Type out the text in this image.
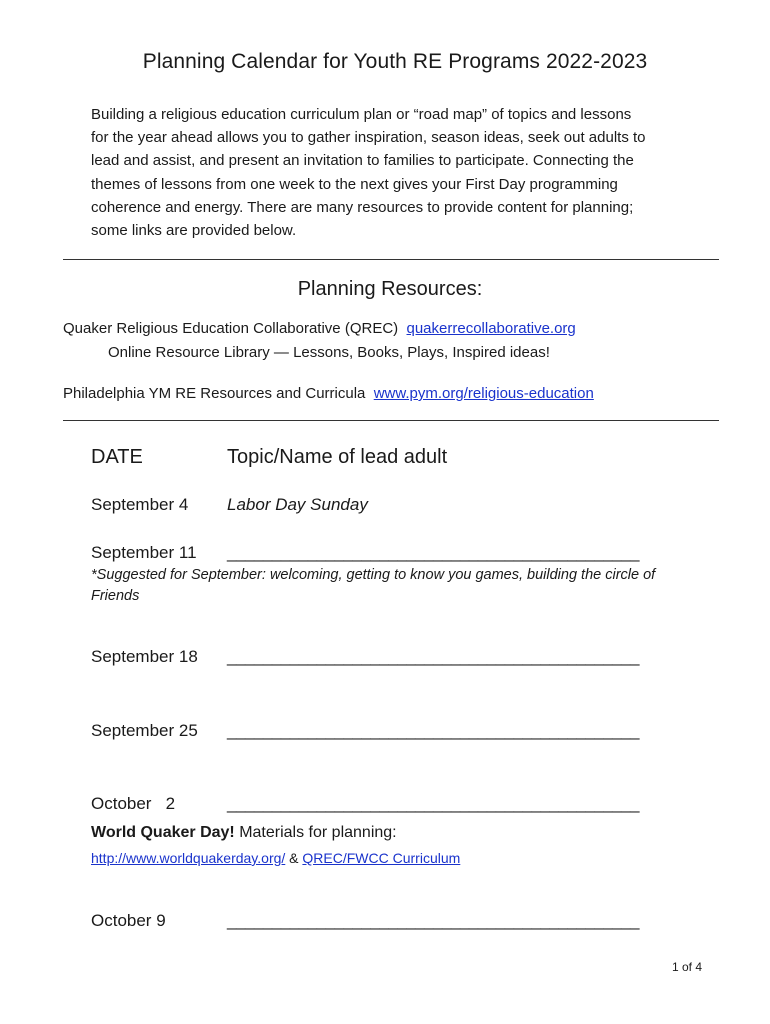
Planning Calendar for Youth RE Programs 2022-2023
Building a religious education curriculum plan or “road map” of topics and lessons
for the year ahead allows you to gather inspiration, season ideas, seek out adults to
lead and assist, and present an invitation to families to participate. Connecting the
themes of lessons from one week to the next gives your First Day programming
coherence and energy. There are many resources to provide content for planning;
some links are provided below.
Planning Resources:
Quaker Religious Education Collaborative (QREC) quakerrecollaborative.org
Online Resource Library — Lessons, Books, Plays, Inspired ideas!
Philadelphia YM RE Resources and Curricula www.pym.org/religious-education
DATE	Topic/Name of lead adult
September 4 Labor Day Sunday
September 11 ______________________________________________
*Suggested for September: welcoming, getting to know you games, building the circle of
Friends
September 18 ______________________________________________
September 25 ______________________________________________
October   2	______________________________________________
World Quaker Day! Materials for planning:
http://www.worldquakerday.org/ & QREC/FWCC Curriculum
October 9	______________________________________________
1 of 4
